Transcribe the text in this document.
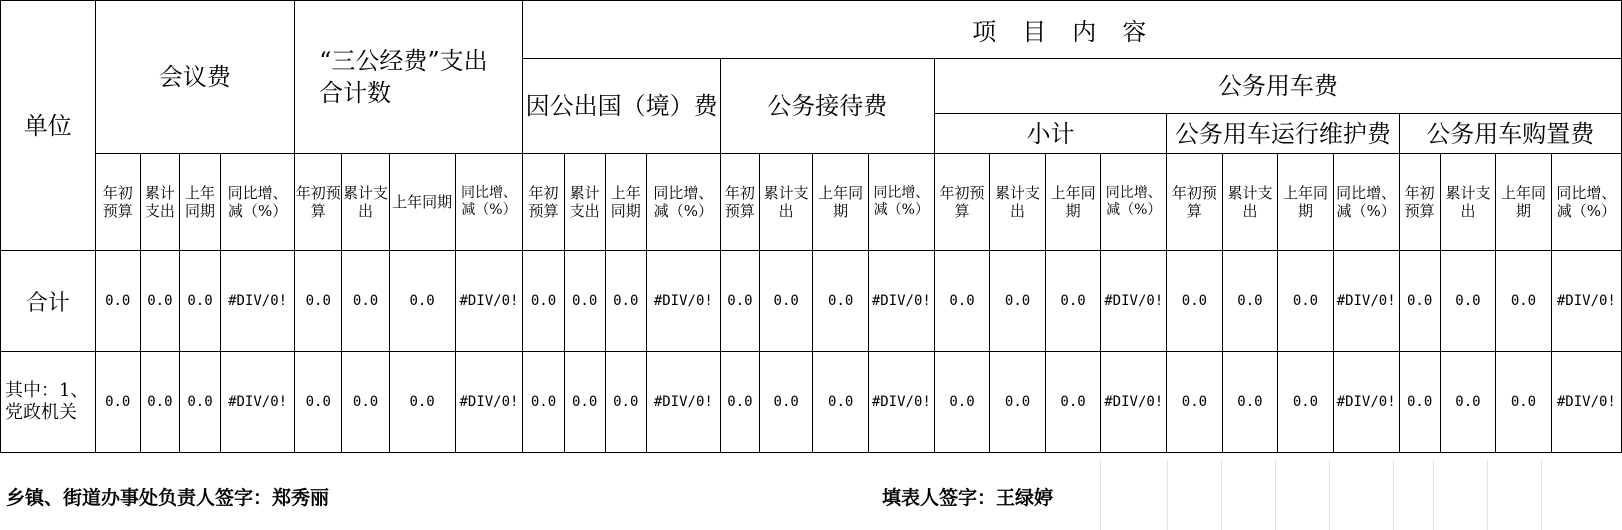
单位	会议费				“三公经费”支出　　　　合计数				项目内容																			
									因公出国（境）费				公务接待费				公务用车费											
																	小计				公务用车运行维护费				公务用车购置费			
	年初预算	累计支出	上年同期	同比增、减（%）	年初预算	累计支出	上年同期	同比增、减（%）	年初预算	累计支出	上年同期	同比增、减（%）	年初预算	累计支出	上年同期	同比增、减（%）	年初预算	累计支出	上年同期	同比增、减（%）	年初预算	累计支出	上年同期	同比增、减（%）	年初预算	累计支出	上年同期	同比增、减（%）
合计	0.0	0.0	0.0	#DIV/0!	0.0	0.0	0.0	#DIV/0!	0.0	0.0	0.0	#DIV/0!	0.0	0.0	0.0	#DIV/0!	0.0	0.0	0.0	#DIV/0!	0.0	0.0	0.0	#DIV/0!	0.0	0.0	0.0	#DIV/0!
其中：1、党政机关	0.0	0.0	0.0	#DIV/0!	0.0	0.0	0.0	#DIV/0!	0.0	0.0	0.0	#DIV/0!	0.0	0.0	0.0	#DIV/0!	0.0	0.0	0.0	#DIV/0!	0.0	0.0	0.0	#DIV/0!	0.0	0.0	0.0	#DIV/0!
乡镇、街道办事处负责人签字：郑秀丽	填表人签字：王绿婷
